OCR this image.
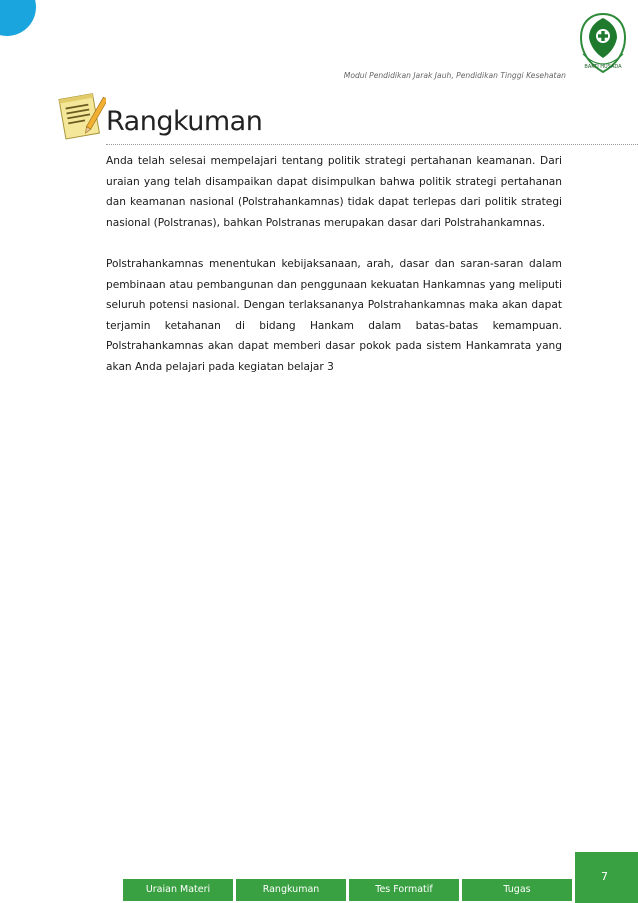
BAKTI HUSADA
Modul Pendidikan Jarak Jauh, Pendidikan Tinggi Kesehatan
Rangkuman

Anda telah selesai mempelajari tentang politik strategi pertahanan keamanan. Dari uraian yang telah disampaikan dapat disimpulkan bahwa politik strategi pertahanan dan keamanan nasional (Polstrahankamnas) tidak dapat terlepas dari politik strategi nasional (Polstranas), bahkan Polstranas merupakan dasar dari Polstrahankamnas.

Polstrahankamnas menentukan kebijaksanaan, arah, dasar dan saran-saran dalam pembinaan atau pembangunan dan penggunaan kekuatan Hankamnas yang meliputi seluruh potensi nasional. Dengan terlaksananya Polstrahankamnas maka akan dapat terjamin ketahanan di bidang Hankam dalam batas-batas kemampuan. Polstrahankamnas akan dapat memberi dasar pokok pada sistem Hankamrata yang akan Anda pelajari pada kegiatan belajar 3

7
Uraian Materi	Rangkuman	Tes Formatif	Tugas
